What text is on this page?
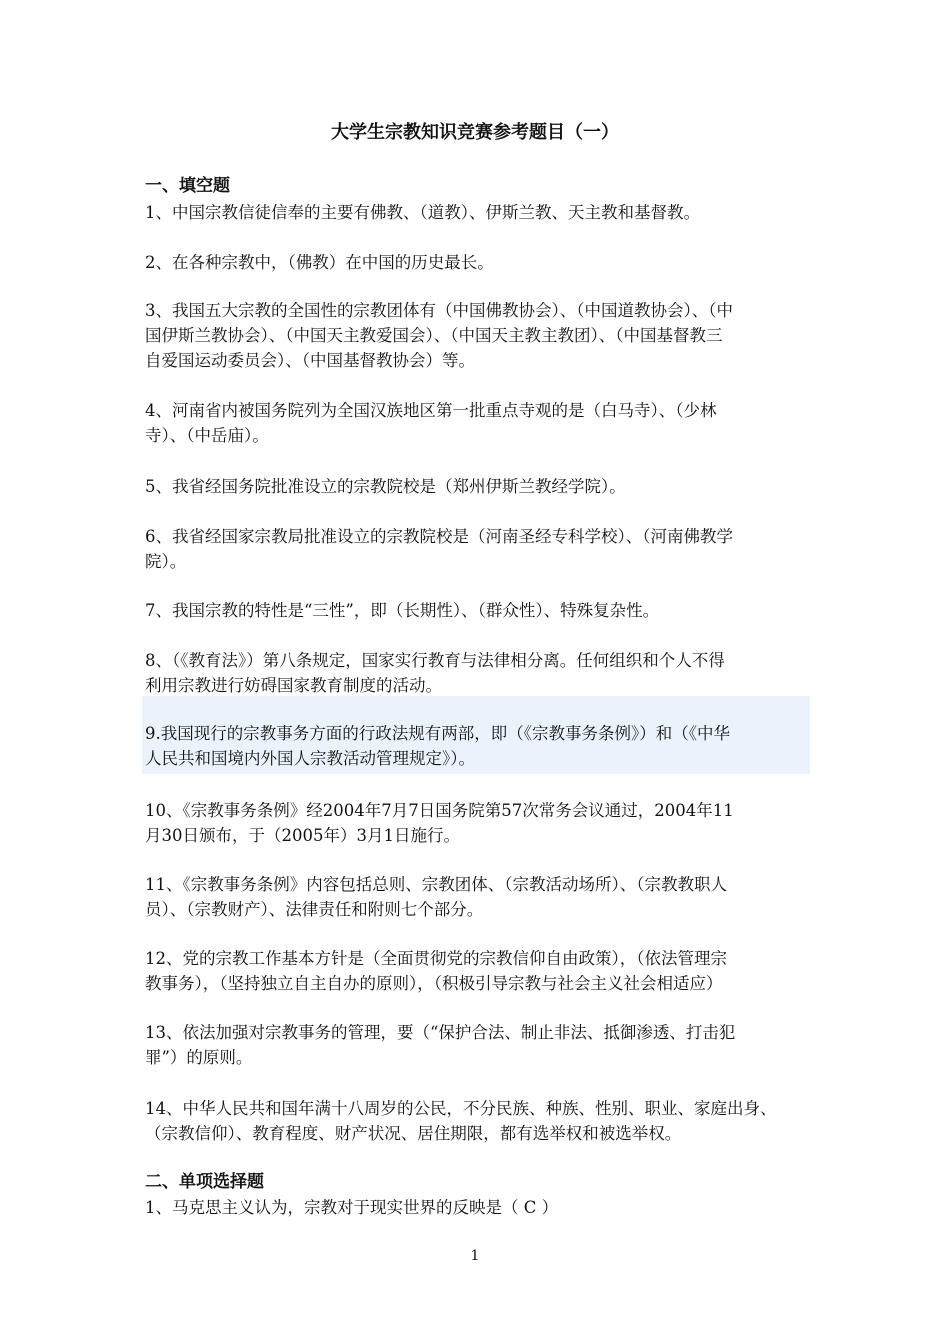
大学生宗教知识竞赛参考题目（一）
一、填空题
1、中国宗教信徒信奉的主要有佛教、（道教）、伊斯兰教、天主教和基督教。
2、在各种宗教中，（佛教）在中国的历史最长。
3、我国五大宗教的全国性的宗教团体有（中国佛教协会）、（中国道教协会）、（中
国伊斯兰教协会）、（中国天主教爱国会）、（中国天主教主教团）、（中国基督教三
自爱国运动委员会）、（中国基督教协会）等。
4、河南省内被国务院列为全国汉族地区第一批重点寺观的是（白马寺）、（少林
寺）、（中岳庙）。
5、我省经国务院批准设立的宗教院校是（郑州伊斯兰教经学院）。
6、我省经国家宗教局批准设立的宗教院校是（河南圣经专科学校）、（河南佛教学
院）。
7、我国宗教的特性是“三性”，即（长期性）、（群众性）、特殊复杂性。
8、（《教育法》）第八条规定，国家实行教育与法律相分离。任何组织和个人不得
利用宗教进行妨碍国家教育制度的活动。
9.我国现行的宗教事务方面的行政法规有两部，即（《宗教事务条例》）和（《中华
人民共和国境内外国人宗教活动管理规定》）。
10、《宗教事务条例》经2004年7月7日国务院第57次常务会议通过，2004年11
月30日颁布，于（2005年）3月1日施行。
11、《宗教事务条例》内容包括总则、宗教团体、（宗教活动场所）、（宗教教职人
员）、（宗教财产）、法律责任和附则七个部分。
12、党的宗教工作基本方针是（全面贯彻党的宗教信仰自由政策），（依法管理宗
教事务），（坚持独立自主自办的原则），（积极引导宗教与社会主义社会相适应）
13、依法加强对宗教事务的管理，要（“保护合法、制止非法、抵御渗透、打击犯
罪”）的原则。
14、中华人民共和国年满十八周岁的公民，不分民族、种族、性别、职业、家庭出身、
（宗教信仰）、教育程度、财产状况、居住期限，都有选举权和被选举权。
二、单项选择题
1、马克思主义认为，宗教对于现实世界的反映是（ C ）

1
